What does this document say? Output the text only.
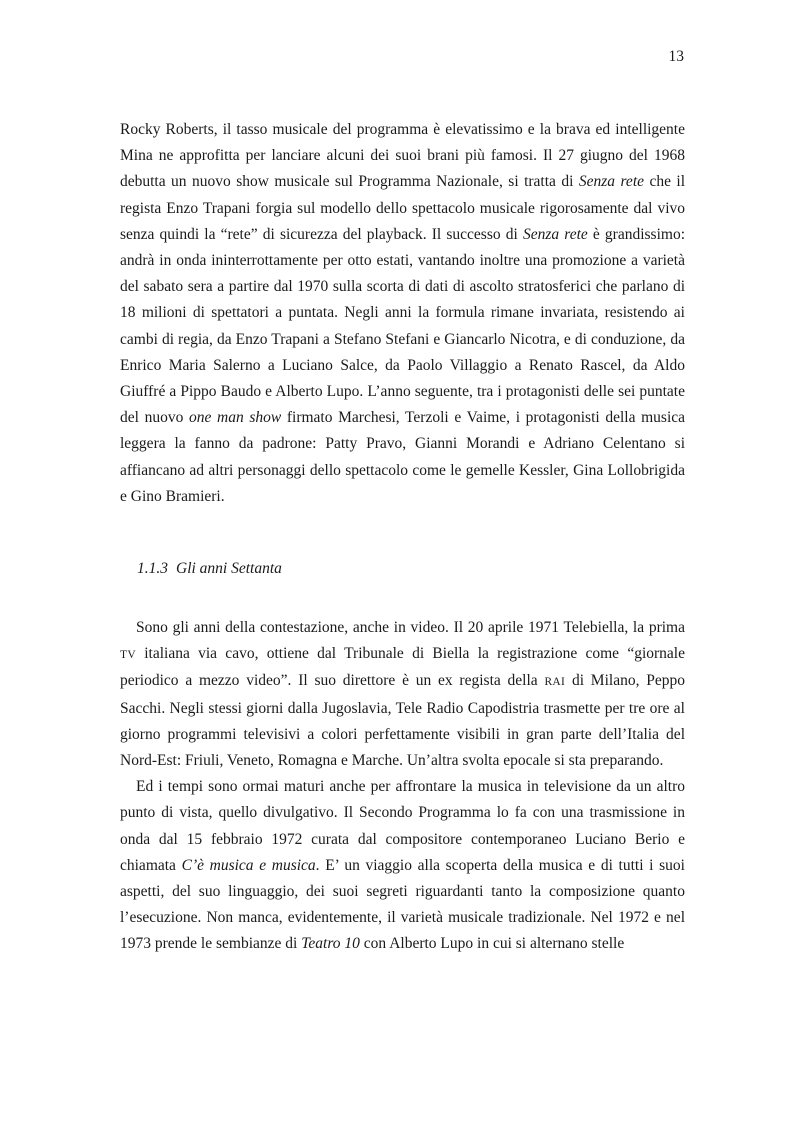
13

Rocky Roberts, il tasso musicale del programma è elevatissimo e la brava ed intelligente Mina ne approfitta per lanciare alcuni dei suoi brani più famosi. Il 27 giugno del 1968 debutta un nuovo show musicale sul Programma Nazionale, si tratta di Senza rete che il regista Enzo Trapani forgia sul modello dello spettacolo musicale rigorosamente dal vivo senza quindi la “rete” di sicurezza del playback. Il successo di Senza rete è grandissimo: andrà in onda ininterrottamente per otto estati, vantando inoltre una promozione a varietà del sabato sera a partire dal 1970 sulla scorta di dati di ascolto stratosferici che parlano di 18 milioni di spettatori a puntata. Negli anni la formula rimane invariata, resistendo ai cambi di regia, da Enzo Trapani a Stefano Stefani e Giancarlo Nicotra, e di conduzione, da Enrico Maria Salerno a Luciano Salce, da Paolo Villaggio a Renato Rascel, da Aldo Giuffré a Pippo Baudo e Alberto Lupo. L’anno seguente, tra i protagonisti delle sei puntate del nuovo one man show firmato Marchesi, Terzoli e Vaime, i protagonisti della musica leggera la fanno da padrone: Patty Pravo, Gianni Morandi e Adriano Celentano si affiancano ad altri personaggi dello spettacolo come le gemelle Kessler, Gina Lollobrigida e Gino Bramieri.

1.1.3 Gli anni Settanta

Sono gli anni della contestazione, anche in video. Il 20 aprile 1971 Telebiella, la prima TV italiana via cavo, ottiene dal Tribunale di Biella la registrazione come “giornale periodico a mezzo video”. Il suo direttore è un ex regista della RAI di Milano, Peppo Sacchi. Negli stessi giorni dalla Jugoslavia, Tele Radio Capodistria trasmette per tre ore al giorno programmi televisivi a colori perfettamente visibili in gran parte dell’Italia del Nord-Est: Friuli, Veneto, Romagna e Marche. Un’altra svolta epocale si sta preparando.

Ed i tempi sono ormai maturi anche per affrontare la musica in televisione da un altro punto di vista, quello divulgativo. Il Secondo Programma lo fa con una trasmissione in onda dal 15 febbraio 1972 curata dal compositore contemporaneo Luciano Berio e chiamata C’è musica e musica. E’ un viaggio alla scoperta della musica e di tutti i suoi aspetti, del suo linguaggio, dei suoi segreti riguardanti tanto la composizione quanto l’esecuzione. Non manca, evidentemente, il varietà musicale tradizionale. Nel 1972 e nel 1973 prende le sembianze di Teatro 10 con Alberto Lupo in cui si alternano stelle
